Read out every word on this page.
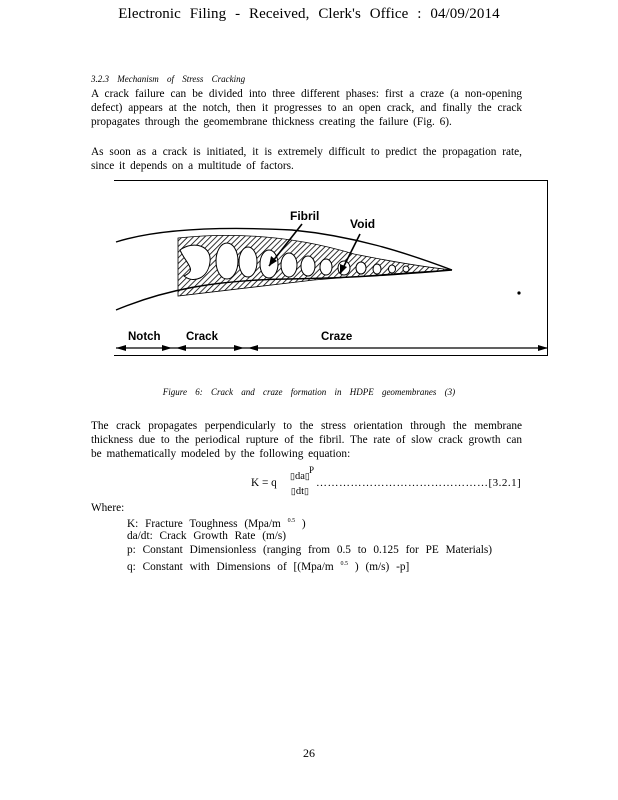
Electronic Filing - Received, Clerk's Office : 04/09/2014
3.2.3 Mechanism of Stress Cracking
A crack failure can be divided into three different phases: first a craze (a non-opening defect) appears at the notch, then it progresses to an open crack, and finally the crack propagates through the geomembrane thickness creating the failure (Fig. 6).
As soon as a crack is initiated, it is extremely difficult to predict the propagation rate, since it depends on a multitude of factors.
Fibril
Void
Notch Crack	Craze
Figure 6: Crack and craze formation in HDPE geomembranes (3)
The crack propagates perpendicularly to the stress orientation through the membrane thickness due to the periodical rupture of the fibril. The rate of slow crack growth can be mathematically modeled by the following equation:
K = q
▯da▯
▯dt▯
P
………………………………………[3.2.1]
Where:
K: Fracture Toughness (Mpa/m $^{0.5}$ )
da/dt: Crack Growth Rate (m/s)
p: Constant Dimensionless (ranging from 0.5 to 0.125 for PE Materials)
q: Constant with Dimensions of [(Mpa/m $^{0.5}$ ) (m/s) -p]
26
